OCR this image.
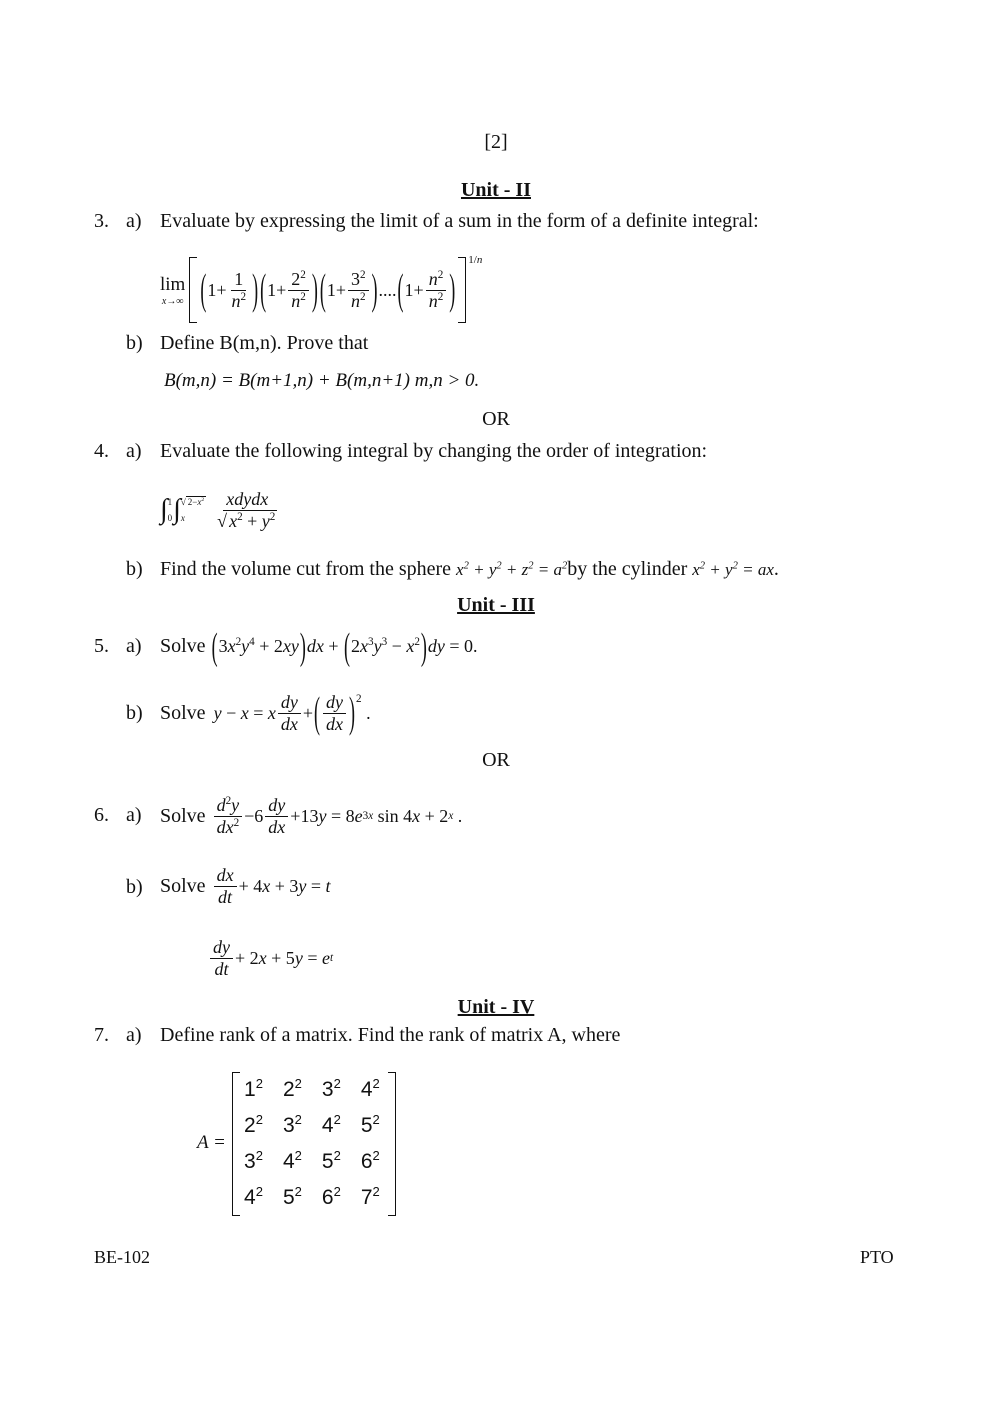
[2]
Unit - II
3. a) Evaluate by expressing the limit of a sum in the form of a definite integral:
lim
x→∞ ( $1+ \frac{1}{n^2}$ ) ( $1+ \frac{2^2}{n^2}$ ) ( $1+ \frac{3^2}{n^2}$ ) .... ( $1+ \frac{n^2}{n^2}$ )
1/n
b) Define B(m,n). Prove that
B(m,n) = B(m+1,n) + B(m,n+1) m,n > 0.
OR
4. a) Evaluate the following integral by changing the order of integration:
∫ 1
0 ∫ √ $2-x^2$
x	$\frac{\text{xdydx}}{√ x^2 + y^2}$
b) Find the volume cut from the sphere $x^2 + y^2 + z^2 = a^2by$ the cylinder $x^2 + y^2$ = ax.
Unit - III
5. a) Solve $(3x^2y^4 + 2xy)dx + (2x^3y^3 - x^2)dy = 0$.
b) Solve y − x = x $\frac{dy}{dx}$ + ( $\frac{dy}{dx} )^2$
.
OR
6. a) Solve $\frac{d^2y}{dx^2} -6 \frac{dy}{dx} +13$ y = 8 e 3x sin 4 x + 2 x .
b) Solve $\frac{dx}{dt} + 4$ x + 3 y = t
$\frac{dy}{dt} + 2$ x + 5 y = e t
Unit - IV
7. a) Define rank of a matrix. Find the rank of matrix A, where
A =
$1^2$	$2^2$	$3^2$	$4^2$
$2^2$	$3^2$	$4^2$	$5^2$
$3^2$	$4^2$	$5^2$	$6^2$
$4^2$	$5^2$	$6^2$	$7^2$
BE-102	PTO
